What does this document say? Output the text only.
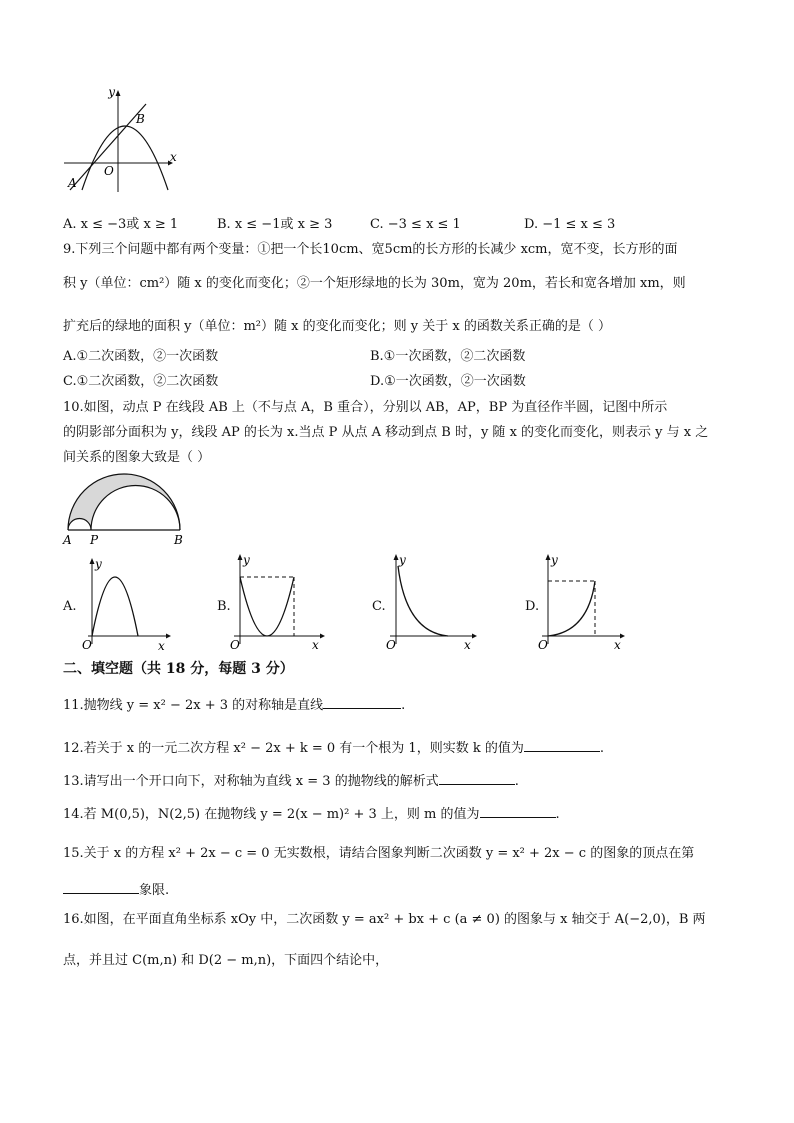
y
x
O
A
B
A. x ≤ −3或 x ≥ 1	B. x ≤ −1或 x ≥ 3	C. −3 ≤ x ≤ 1	D. −1 ≤ x ≤ 3
9.下列三个问题中都有两个变量：①把一个长10cm、宽5cm的长方形的长减少 xcm，宽不变，长方形的面
积 y（单位：cm²）随 x 的变化而变化；②一个矩形绿地的长为 30m，宽为 20m，若长和宽各增加 xm，则
扩充后的绿地的面积 y（单位：m²）随 x 的变化而变化；则 y 关于 x 的函数关系正确的是（ ）
A.①二次函数，②一次函数	B.①一次函数，②二次函数
C.①二次函数，②二次函数	D.①一次函数，②一次函数
10.如图，动点 P 在线段 AB 上（不与点 A，B 重合），分别以 AB，AP，BP 为直径作半圆，记图中所示
的阴影部分面积为 y，线段 AP 的长为 x.当点 P 从点 A 移动到点 B 时，y 随 x 的变化而变化，则表示 y 与 x 之
间关系的图象大致是（ ）
A P	B
A.
y
x
O
B.
y
x
O
C.
y
x
O
D.
y
x
O
二、填空题（共 18 分，每题 3 分）
11.抛物线 y = x² − 2x + 3 的对称轴是直线	.
12.若关于 x 的一元二次方程 x² − 2x + k = 0 有一个根为 1，则实数 k 的值为	.
13.请写出一个开口向下，对称轴为直线 x = 3 的抛物线的解析式	.
14.若 M(0,5)，N(2,5) 在抛物线 y = 2(x − m)² + 3 上，则 m 的值为	.
15.关于 x 的方程 x² + 2x − c = 0 无实数根，请结合图象判断二次函数 y = x² + 2x − c 的图象的顶点在第
象限.
16.如图，在平面直角坐标系 xOy 中，二次函数 y = ax² + bx + c (a ≠ 0) 的图象与 x 轴交于 A(−2,0)，B 两
点，并且过 C(m,n) 和 D(2 − m,n)，下面四个结论中，
